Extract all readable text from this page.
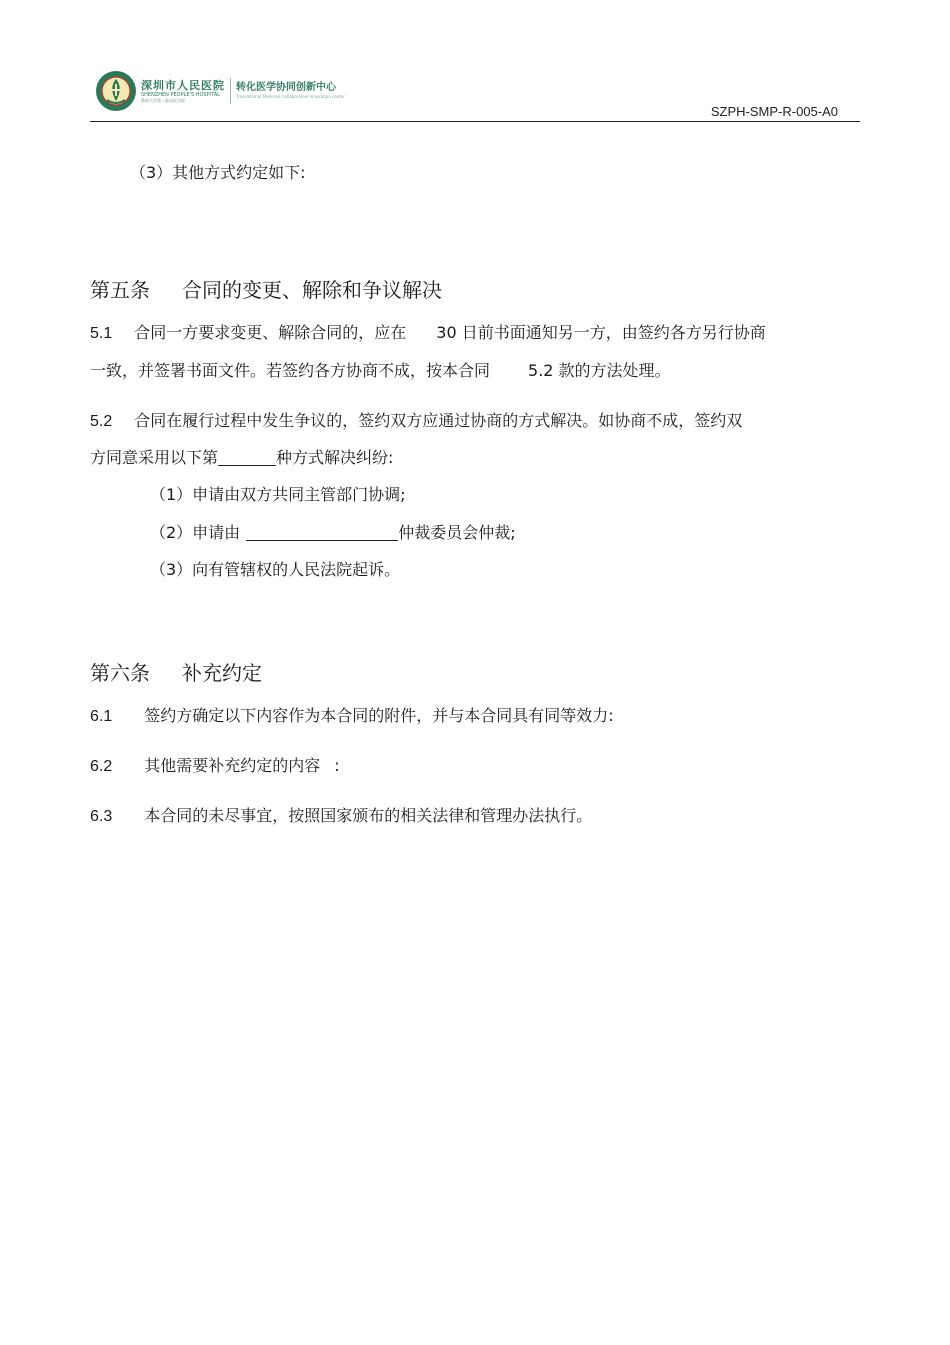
深圳市人民医院
SHENZHEN PEOPLE'S HOSPITAL
暨南大学第二临床医学院
转化医学协同创新中心
Translational Medicine Collaborative Innovation center
SZPH-SMP-R-005-A0
（3）其他方式约定如下:
第五条 合同的变更、解除和争议解决
5.1 合同一方要求变更、解除合同的，应在 30 日前书面通知另一方，由签约各方另行协商
一致，并签署书面文件。若签约各方协商不成，按本合同 5.2 款的方法处理。
5.2 合同在履行过程中发生争议的，签约双方应通过协商的方式解决。如协商不成，签约双
方同意采用以下第	种方式解决纠纷:
（1）申请由双方共同主管部门协调;
（2）申请由	仲裁委员会仲裁;
（3）向有管辖权的人民法院起诉。
第六条 补充约定
6.1 签约方确定以下内容作为本合同的附件，并与本合同具有同等效力:
6.2 其他需要补充约定的内容 :
6.3 本合同的未尽事宜，按照国家颁布的相关法律和管理办法执行。
